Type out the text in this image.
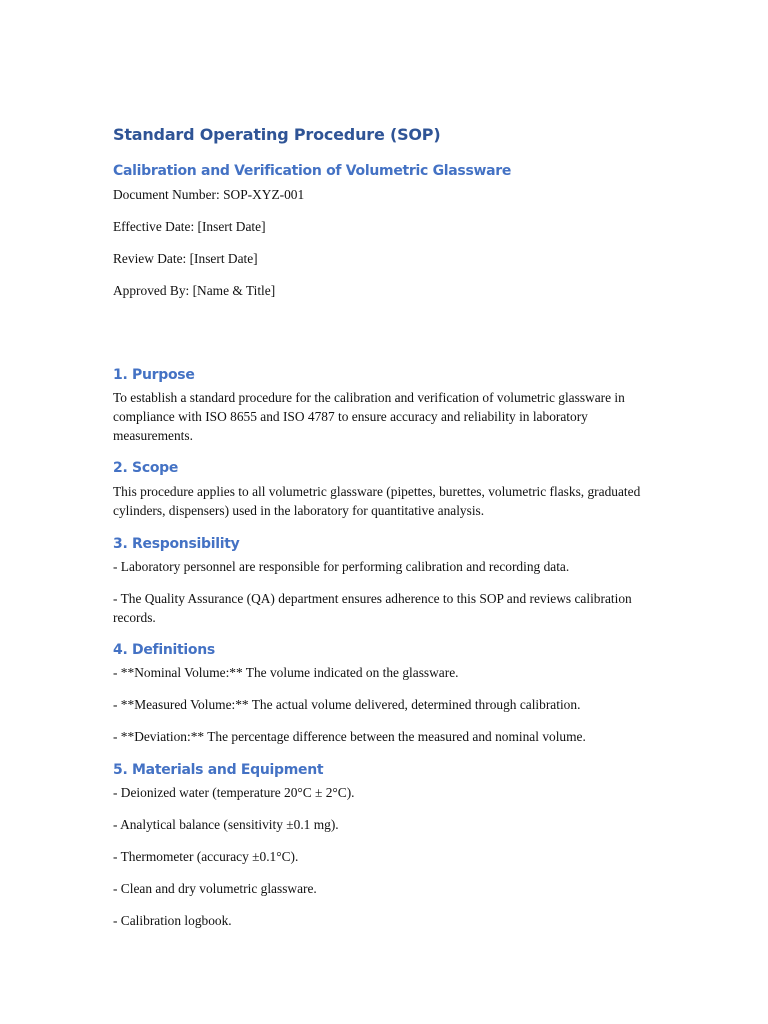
Standard Operating Procedure (SOP)
Calibration and Verification of Volumetric Glassware
Document Number: SOP-XYZ-001
Effective Date: [Insert Date]
Review Date: [Insert Date]
Approved By: [Name & Title]
1. Purpose

To establish a standard procedure for the calibration and verification of volumetric glassware in compliance with ISO 8655 and ISO 4787 to ensure accuracy and reliability in laboratory measurements.

2. Scope

This procedure applies to all volumetric glassware (pipettes, burettes, volumetric flasks, graduated cylinders, dispensers) used in the laboratory for quantitative analysis.

3. Responsibility
- Laboratory personnel are responsible for performing calibration and recording data.

- The Quality Assurance (QA) department ensures adherence to this SOP and reviews calibration records.

4. Definitions
- **Nominal Volume:** The volume indicated on the glassware.
- **Measured Volume:** The actual volume delivered, determined through calibration.
- **Deviation:** The percentage difference between the measured and nominal volume.
5. Materials and Equipment
- Deionized water (temperature 20°C ± 2°C).
- Analytical balance (sensitivity ±0.1 mg).
- Thermometer (accuracy ±0.1°C).
- Clean and dry volumetric glassware.
- Calibration logbook.
